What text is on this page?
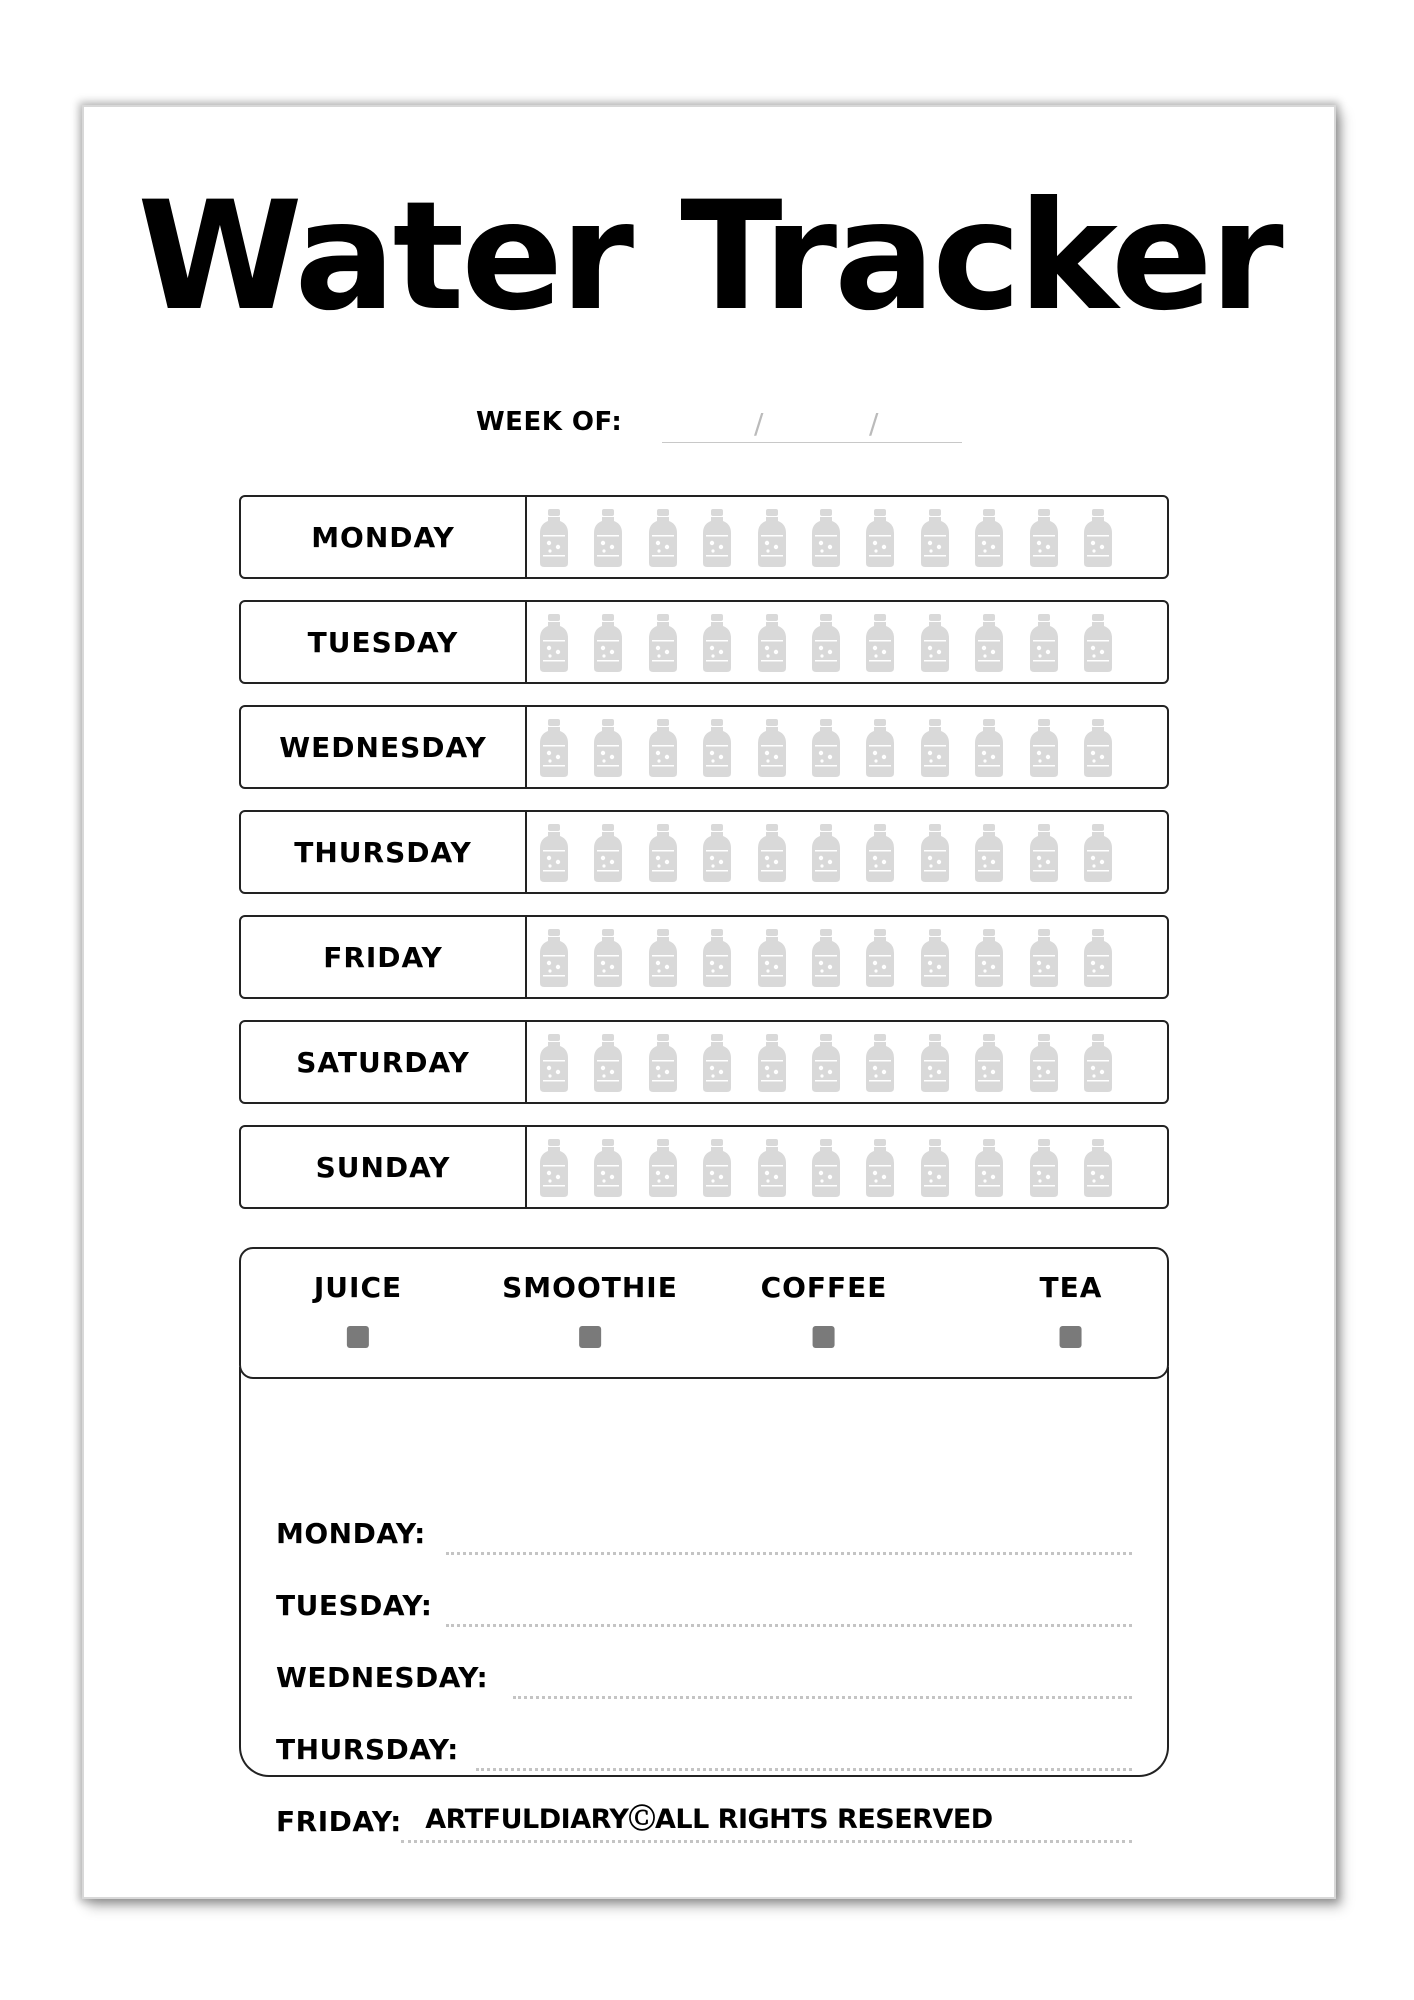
Water Tracker
WEEK OF:	/	/
MONDAY
TUESDAY
WEDNESDAY
THURSDAY
FRIDAY
SATURDAY
SUNDAY
JUICE	SMOOTHIE	COFFEE	TEA
MONDAY:
TUESDAY:
WEDNESDAY:
THURSDAY:
FRIDAY: ARTFULDIARYⒸALL RIGHTS RESERVED
